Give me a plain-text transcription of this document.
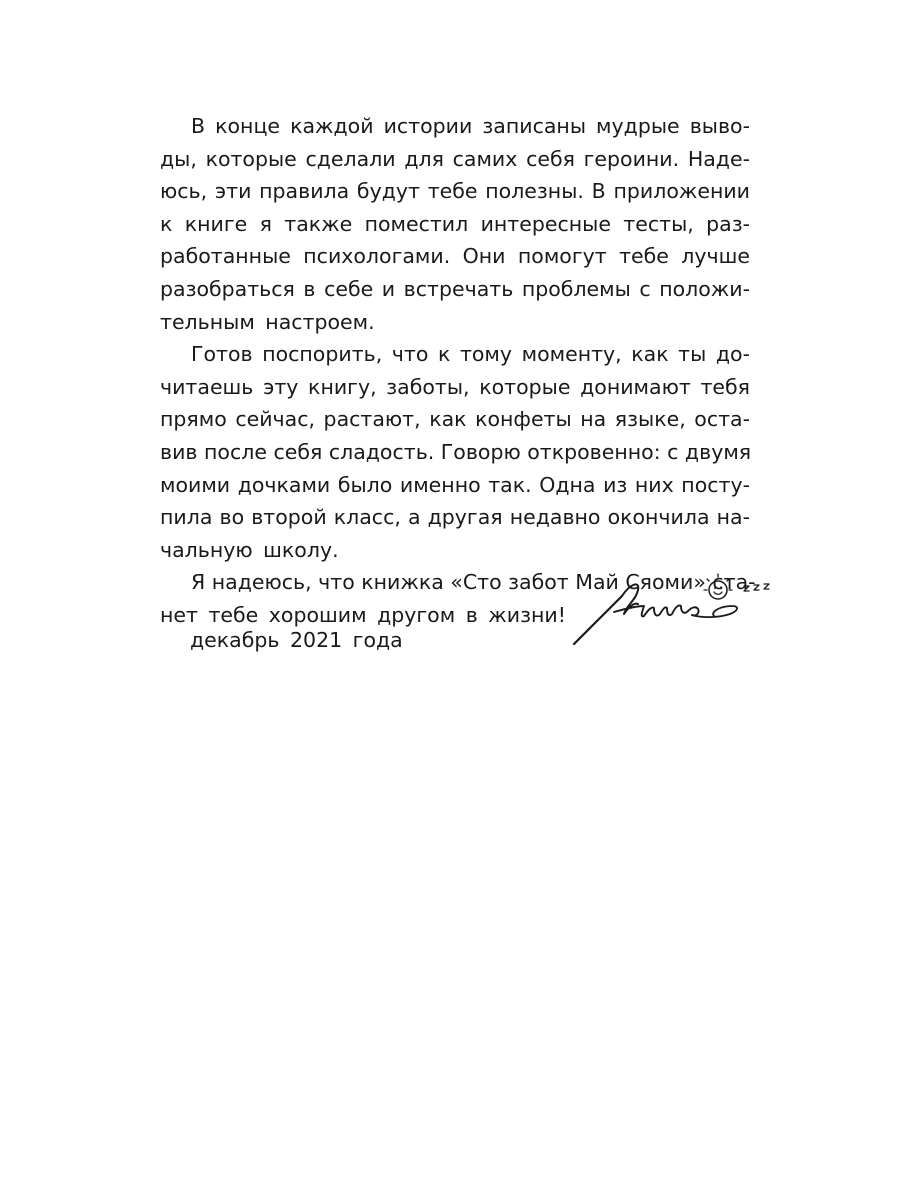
В конце каждой истории записаны мудрые выво-
ды, которые сделали для самих себя героини. Наде-
юсь, эти правила будут тебе полезны. В приложении
к книге я также поместил интересные тесты, раз-
работанные психологами. Они помогут тебе лучше
разобраться в себе и встречать проблемы с положи-
тельным настроем.
Готов поспорить, что к тому моменту, как ты до-
читаешь эту книгу, заботы, которые донимают тебя
прямо сейчас, растают, как конфеты на языке, оста-
вив после себя сладость. Говорю откровенно: с двумя
моими дочками было именно так. Одна из них посту-
пила во второй класс, а другая недавно окончила на-
чальную школу.
Я надеюсь, что книжка «Сто забот Май Сяоми» ста-
нет тебе хорошим другом в жизни!
декабрь 2021 года
